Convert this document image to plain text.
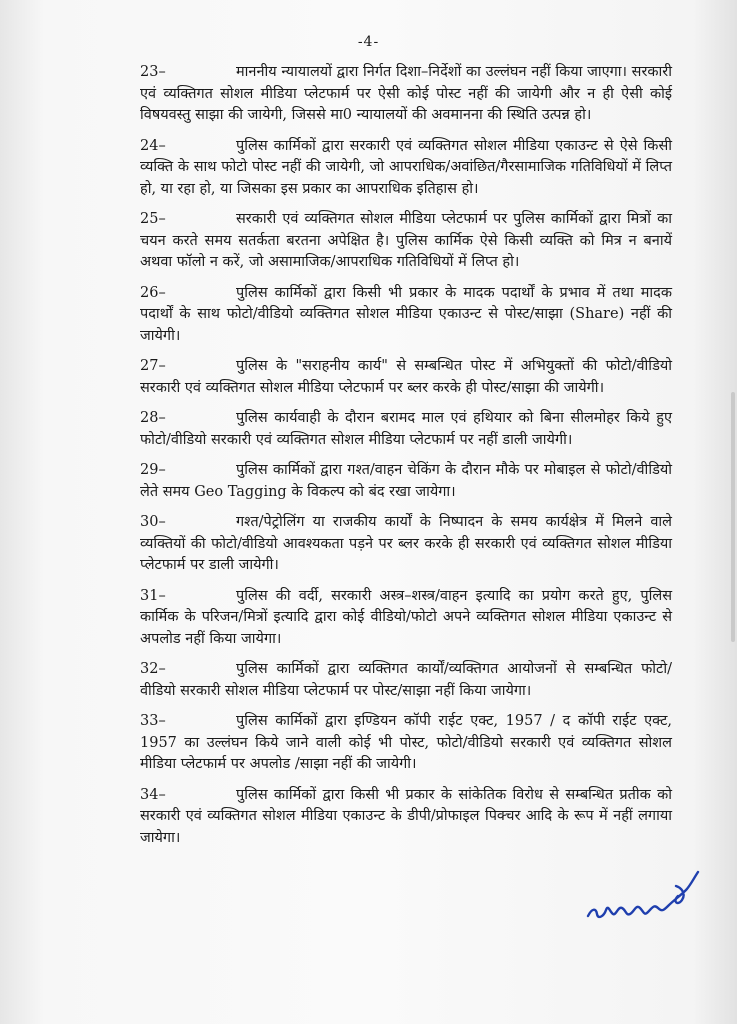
-4-

23–	माननीय न्यायालयों द्वारा निर्गत दिशा–निर्देशों का उल्लंघन नहीं किया जाएगा। सरकारी एवं व्यक्तिगत सोशल मीडिया प्लेटफार्म पर ऐसी कोई पोस्ट नहीं की जायेगी और न ही ऐसी कोई विषयवस्तु साझा की जायेगी, जिससे मा0 न्यायालयों की अवमानना की स्थिति उत्पन्न हो।

24–	पुलिस कार्मिकों द्वारा सरकारी एवं व्यक्तिगत सोशल मीडिया एकाउन्ट से ऐसे किसी व्यक्ति के साथ फोटो पोस्ट नहीं की जायेगी, जो आपराधिक/अवांछित/गैरसामाजिक गतिविधियों में लिप्त हो, या रहा हो, या जिसका इस प्रकार का आपराधिक इतिहास हो।

25–	सरकारी एवं व्यक्तिगत सोशल मीडिया प्लेटफार्म पर पुलिस कार्मिकों द्वारा मित्रों का चयन करते समय सतर्कता बरतना अपेक्षित है। पुलिस कार्मिक ऐसे किसी व्यक्ति को मित्र न बनायें अथवा फॉलो न करें, जो असामाजिक/आपराधिक गतिविधियों में लिप्त हो।

26–	पुलिस कार्मिकों द्वारा किसी भी प्रकार के मादक पदार्थों के प्रभाव में तथा मादक पदार्थों के साथ फोटो/वीडियो व्यक्तिगत सोशल मीडिया एकाउन्ट से पोस्ट/साझा (Share) नहीं की जायेगी।

27–	पुलिस के "सराहनीय कार्य" से सम्बन्धित पोस्ट में अभियुक्तों की फोटो/वीडियो सरकारी एवं व्यक्तिगत सोशल मीडिया प्लेटफार्म पर ब्लर करके ही पोस्ट/साझा की जायेगी।

28–	पुलिस कार्यवाही के दौरान बरामद माल एवं हथियार को बिना सीलमोहर किये हुए फोटो/वीडियो सरकारी एवं व्यक्तिगत सोशल मीडिया प्लेटफार्म पर नहीं डाली जायेगी।

29–	पुलिस कार्मिकों द्वारा गश्त/वाहन चेकिंग के दौरान मौके पर मोबाइल से फोटो/वीडियो लेते समय Geo Tagging के विकल्प को बंद रखा जायेगा।

30–	गश्त/पेट्रोलिंग या राजकीय कार्यों के निष्पादन के समय कार्यक्षेत्र में मिलने वाले व्यक्तियों की फोटो/वीडियो आवश्यकता पड़ने पर ब्लर करके ही सरकारी एवं व्यक्तिगत सोशल मीडिया प्लेटफार्म पर डाली जायेगी।

31–	पुलिस की वर्दी, सरकारी अस्त्र–शस्त्र/वाहन इत्यादि का प्रयोग करते हुए, पुलिस कार्मिक के परिजन/मित्रों इत्यादि द्वारा कोई वीडियो/फोटो अपने व्यक्तिगत सोशल मीडिया एकाउन्ट से अपलोड नहीं किया जायेगा।

32–	पुलिस कार्मिकों द्वारा व्यक्तिगत कार्यों/व्यक्तिगत आयोजनों से सम्बन्धित फोटो/वीडियो सरकारी सोशल मीडिया प्लेटफार्म पर पोस्ट/साझा नहीं किया जायेगा।

33–	पुलिस कार्मिकों द्वारा इण्डियन कॉपी राईट एक्ट, 1957 / द कॉपी राईट एक्ट, 1957 का उल्लंघन किये जाने वाली कोई भी पोस्ट, फोटो/वीडियो सरकारी एवं व्यक्तिगत सोशल मीडिया प्लेटफार्म पर अपलोड /साझा नहीं की जायेगी।

34–	पुलिस कार्मिकों द्वारा किसी भी प्रकार के सांकेतिक विरोध से सम्बन्धित प्रतीक को सरकारी एवं व्यक्तिगत सोशल मीडिया एकाउन्ट के डीपी/प्रोफाइल पिक्चर आदि के रूप में नहीं लगाया जायेगा।
